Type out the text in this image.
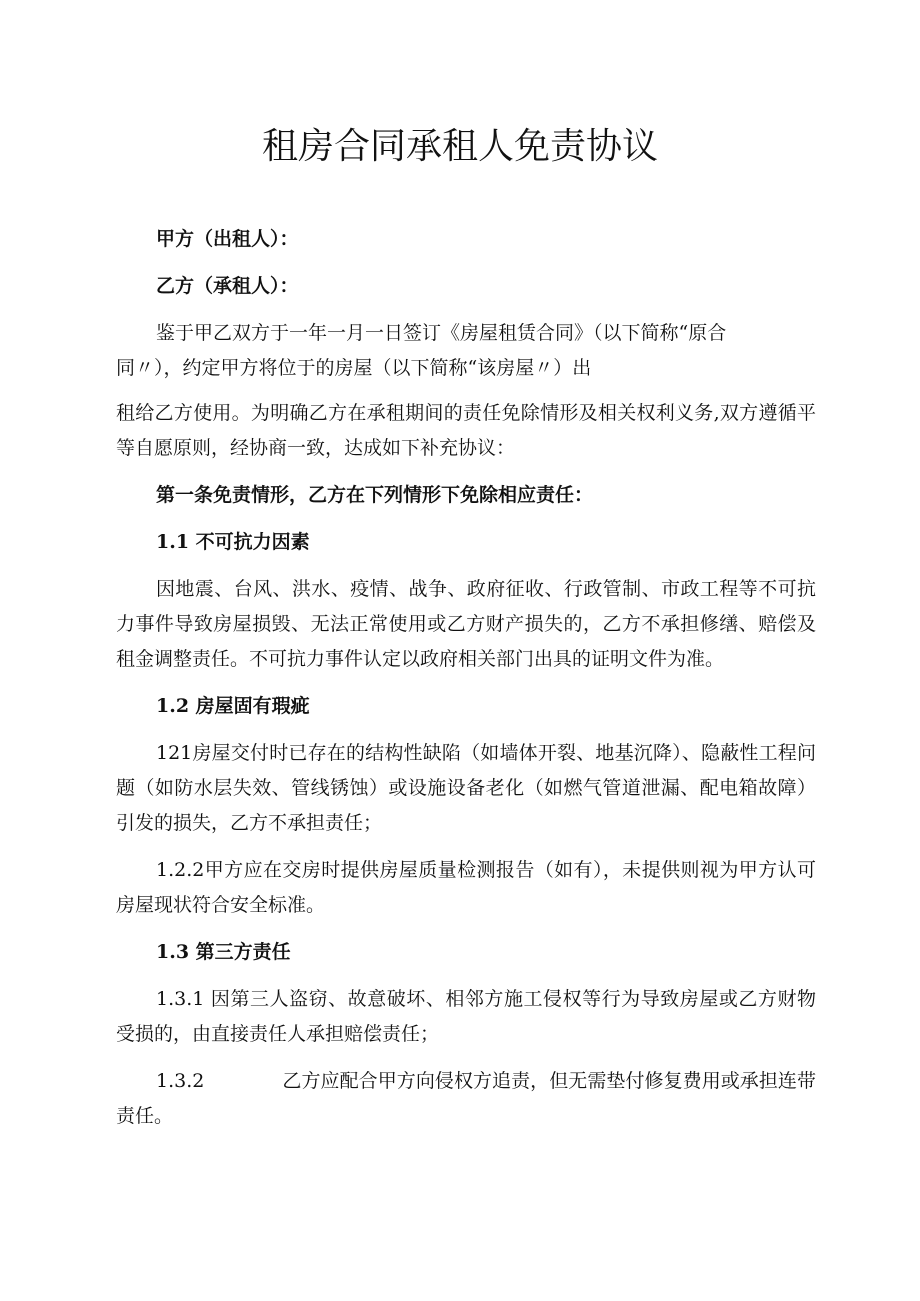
租房合同承租人免责协议

甲方（出租人）：

乙方（承租人）：

鉴于甲乙双方于一年一月一日签订《房屋租赁合同》（以下简称“原合

同〃），约定甲方将位于的房屋（以下简称“该房屋〃）出

租给乙方使用。为明确乙方在承租期间的责任免除情形及相关权利义务,双方遵循平等自愿原则，经协商一致，达成如下补充协议：

第一条免责情形，乙方在下列情形下免除相应责任：

1.1 不可抗力因素

因地震、台风、洪水、疫情、战争、政府征收、行政管制、市政工程等不可抗力事件导致房屋损毁、无法正常使用或乙方财产损失的，乙方不承担修缮、赔偿及租金调整责任。不可抗力事件认定以政府相关部门出具的证明文件为准。

1.2 房屋固有瑕疵

121房屋交付时已存在的结构性缺陷（如墙体开裂、地基沉降）、隐蔽性工程问题（如防水层失效、管线锈蚀）或设施设备老化（如燃气管道泄漏、配电箱故障）引发的损失，乙方不承担责任；

1.2.2甲方应在交房时提供房屋质量检测报告（如有），未提供则视为甲方认可房屋现状符合安全标准。

1.3 第三方责任

1.3.1 因第三人盗窃、故意破坏、相邻方施工侵权等行为导致房屋或乙方财物受损的，由直接责任人承担赔偿责任；

1.3.2	乙方应配合甲方向侵权方追责，但无需垫付修复费用或承担连带责任。
